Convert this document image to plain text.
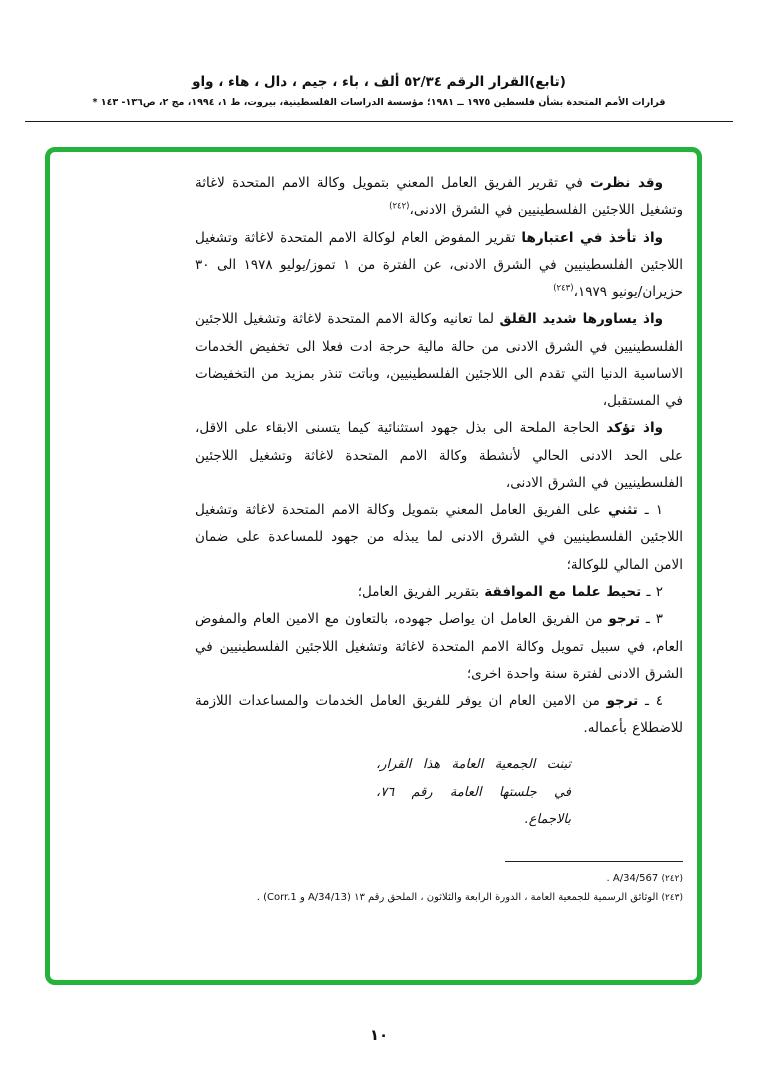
(تابع)القرار الرقم ٥٢/٣٤ ألف ، باء ، جيم ، دال ، هاء ، واو
قرارات الأمم المتحدة بشأن فلسطين ١٩٧٥ ــ ١٩٨١؛ مؤسسة الدراسات الفلسطينية، بيروت، ط ١، ١٩٩٤، مج ٢، ص١٣٦- ١٤٣ *

وقد نظرت في تقرير الفريق العامل المعني بتمويل وكالة الامم المتحدة لاغاثة وتشغيل اللاجئين الفلسطينيين في الشرق الادنى،$^{(٢٤٢)}$

واذ تأخذ في اعتبارها تقرير المفوض العام لوكالة الامم المتحدة لاغاثة وتشغيل اللاجئين الفلسطينيين في الشرق الادنى، عن الفترة من ١ تموز/يوليو ١٩٧٨ الى ٣٠ حزيران/يونيو ١٩٧٩،$^{(٢٤٣)}$

واذ يساورها شديد القلق لما تعانيه وكالة الامم المتحدة لاغاثة وتشغيل اللاجئين الفلسطينيين في الشرق الادنى من حالة مالية حرجة ادت فعلا الى تخفيض الخدمات الاساسية الدنيا التي تقدم الى اللاجئين الفلسطينيين، وباتت تنذر بمزيد من التخفيضات في المستقبل،

واذ تؤكد الحاجة الملحة الى بذل جهود استثنائية كيما يتسنى الابقاء على الاقل، على الحد الادنى الحالي لأنشطة وكالة الامم المتحدة لاغاثة وتشغيل اللاجئين الفلسطينيين في الشرق الادنى،

١ ـ تثني على الفريق العامل المعني بتمويل وكالة الامم المتحدة لاغاثة وتشغيل اللاجئين الفلسطينيين في الشرق الادنى لما يبذله من جهود للمساعدة على ضمان الامن المالي للوكالة؛

٢ ـ تحيط علما مع الموافقة بتقرير الفريق العامل؛

٣ ـ ترجو من الفريق العامل ان يواصل جهوده، بالتعاون مع الامين العام والمفوض العام، في سبيل تمويل وكالة الامم المتحدة لاغاثة وتشغيل اللاجئين الفلسطينيين في الشرق الادنى لفترة سنة واحدة اخرى؛

٤ ـ ترجو من الامين العام ان يوفر للفريق العامل الخدمات والمساعدات اللازمة للاضطلاع بأعماله.

تبنت الجمعية العامة هذا القرار، في جلستها العامة رقم ٧٦، بالاجماع.
(٢٤٢) A/34/567 .
(٢٤٣) الوثائق الرسمية للجمعية العامة ، الدورة الرابعة والثلاثون ، الملحق رقم ١٣ (A/34/13 و Corr.1) .
١٠
